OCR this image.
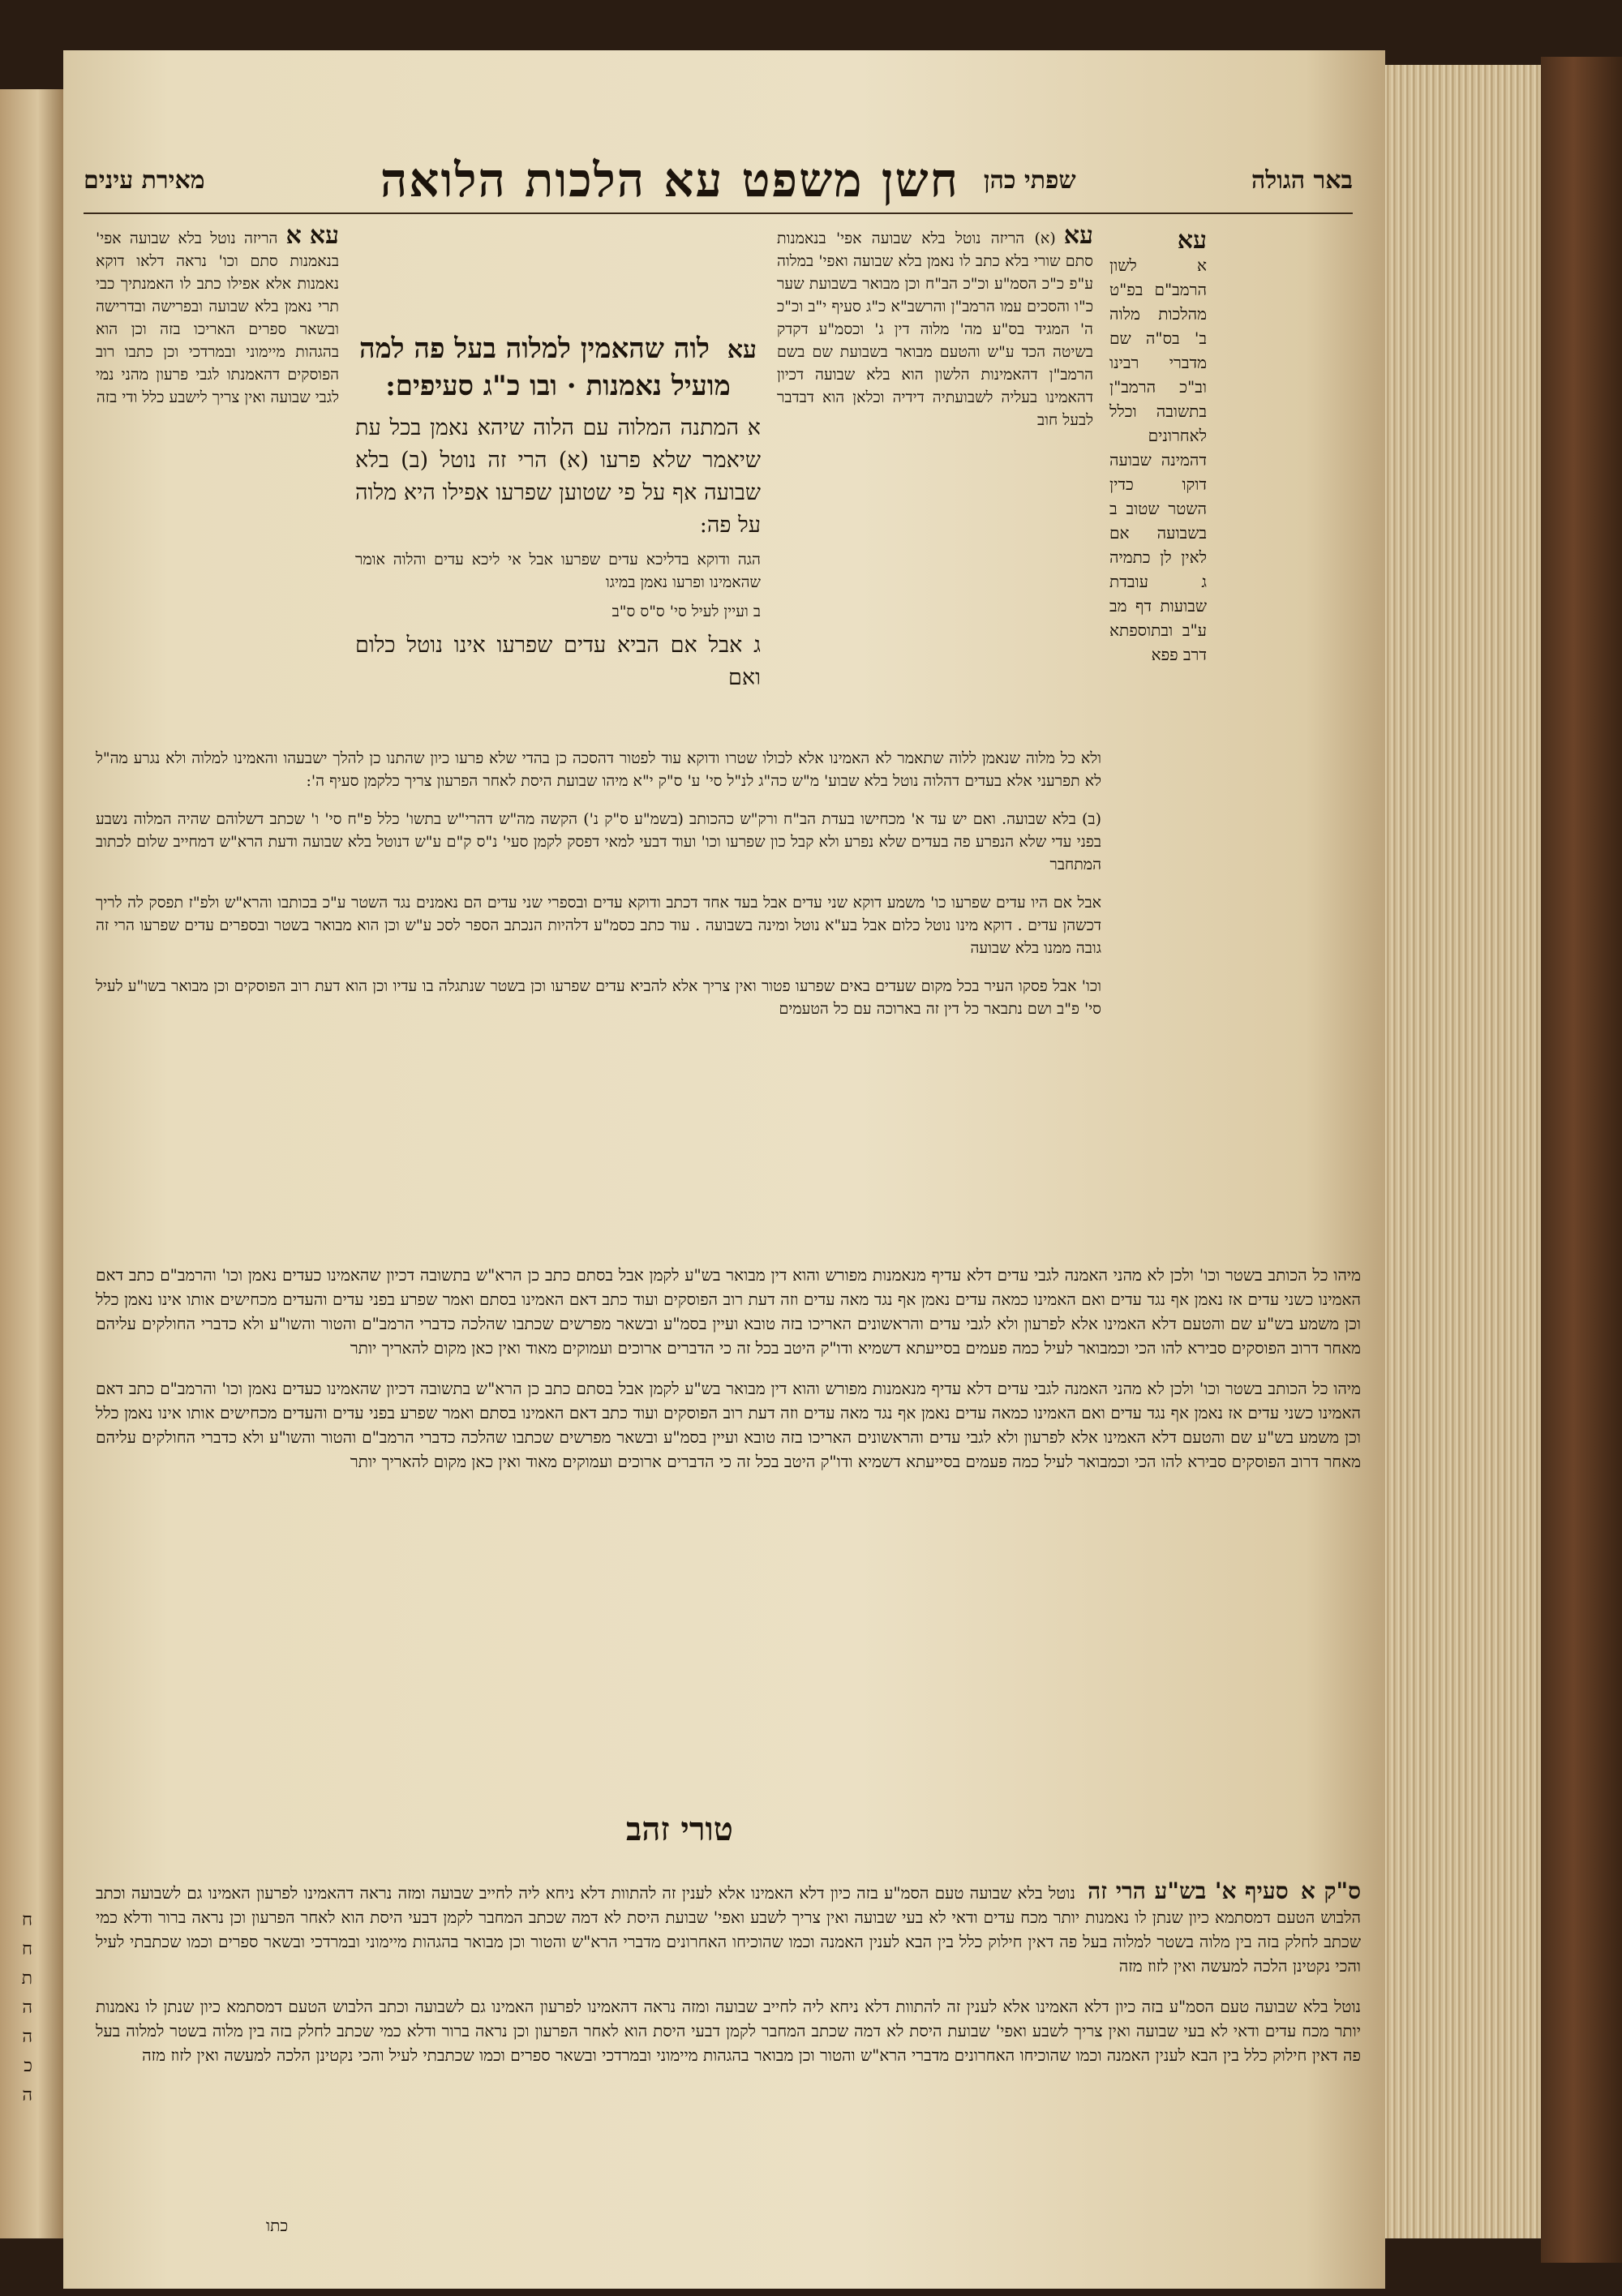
באר הגולה
שפתי כהן
חשן משפט עא הלכות הלואה
מאירת עינים
עא
א לשון הרמב"ם בפ"ט מהלכות מלוה ב' בס"ה שם מדברי רבינו וב"כ הרמב"ן בתשובה וכלל לאחרונים דהמינה שבועה דוקו כדין השטר שטוב ב בשבועה אם לאין לן כתמיה ג עובדת שבועות דף מב ע"ב ובתוספתא דרב פפא

עא(א) הריזה נוטל בלא שבועה אפי' בנאמנות סתם שורי בלא כתב לו נאמן בלא שבועה ואפי' במלוה ע"פ כ"כ הסמ"ע וכ"כ הב"ח וכן מבואר בשבועת שער כ"ו והסכים עמו הרמב"ן והרשב"א כ"ג סעיף י"ב וכ"כ ה' המגיד בס"ע מה' מלוה דין ג' וכסמ"ע דקדק בשיטה הכד ע"ש והטעם מבואר בשבועת שם בשם הרמב"ן דהאמינות הלשון הוא בלא שבועה דכיון דהאמינו בעליה לשבועתיה דידיה וכלאן הוא דבדבר לבעל חוב

עאאהריזה נוטל בלא שבועה אפי' בנאמנות סתם וכו' נראה דלאו דוקא נאמנות אלא אפילו כתב לו האמנתיך כבי תרי נאמן בלא שבועה ובפרישה ובדרישה ובשאר ספרים האריכו בזה וכן הוא בהגהות מיימוני ובמרדכי וכן כתבו רוב הפוסקים דהאמנתו לגבי פרעון מהני נמי לגבי שבועה ואין צריך לישבע כלל ודי בזה

עא לוה שהאמין למלוה בעל פה למה מועיל נאמנות · ובו כ"ג סעיפים:

א המתנה המלוה עם הלוה שיהא נאמן בכל עת שיאמר שלא פרעו (א) הרי זה נוטל (ב) בלא שבועה אף על פי שטוען שפרעו אפילו היא מלוה על פה:

הגה ודוקא בדליכא עדים שפרעו אבל אי ליכא עדים והלוה אומר שהאמינו ופרעו נאמן במיגו

ב ועיין לעיל סי' ס"ס ס"ב

ג אבל אם הביא עדים שפרעו אינו נוטל כלום ואם

ולא כל מלוה שנאמן ללוה שתאמר לא האמינו אלא לכולו שטרו ודוקא עוד לפטור דהסכה כן בהדי שלא פרעו כיון שהתנו כן להלך ישבעהו והאמינו למלוה ולא נגרע מה"ל לא תפרעני אלא בעדים דהלוה נוטל בלא שבוע' מ"ש כה"ג לנ"ל סי' ע' ס"ק י"א מיהו שבועת היסת לאחר הפרעון צריך כלקמן סעיף ה':

(ב) בלא שבועה. ואם יש עד א' מכחישו בעדת הב"ח ורק"ש כהכותב (בשמ"ע ס"ק נ') הקשה מה"ש דהרי"ש בתשו' כלל פ"ח סי' ו' שכתב דשלוהם שהיה המלוה נשבע בפני עדי שלא הנפרע פה בעדים שלא נפרע ולא קבל כון שפרעו וכו' ועוד דבעי למאי דפסק לקמן סעי' נ"ס ק"ם ע"ש דנוטל בלא שבועה ודעת הרא"ש דמחייב שלום לכתוב המתחבר

אבל אם היו עדים שפרעו כו' משמע דוקא שני עדים אבל בעד אחד דכתב ודוקא עדים ובספרי שני עדים הם נאמנים נגד השטר ע"כ בכותבו והרא"ש ולפ"ז תפסק לה לריך דכשהן עדים . דוקא מינו נוטל כלום אבל בע"א נוטל ומינה בשבועה . עוד כתב כסמ"ע דלהיות הנכתב הספר לסכ ע"ש וכן הוא מבואר בשטר ובספרים עדים שפרעו הרי זה גובה ממנו בלא שבועה

וכו' אבל פסקו העיר בכל מקום שעדים באים שפרעו פטור ואין צריך אלא להביא עדים שפרעו וכן בשטר שנתגלה בו עדיו וכן הוא דעת רוב הפוסקים וכן מבואר בשו"ע לעיל סי' פ"ב ושם נתבאר כל דין זה בארוכה עם כל הטעמים

מיהו כל הכותב בשטר וכו' ולכן לא מהני האמנה לגבי עדים דלא עדיף מנאמנות מפורש והוא דין מבואר בש"ע לקמן אבל בסתם כתב כן הרא"ש בתשובה דכיון שהאמינו כעדים נאמן וכו' והרמב"ם כתב דאם האמינו כשני עדים אז נאמן אף נגד עדים ואם האמינו כמאה עדים נאמן אף נגד מאה עדים וזה דעת רוב הפוסקים ועוד כתב דאם האמינו בסתם ואמר שפרע בפני עדים והעדים מכחישים אותו אינו נאמן כלל וכן משמע בש"ע שם והטעם דלא האמינו אלא לפרעון ולא לגבי עדים והראשונים האריכו בזה טובא ועיין בסמ"ע ובשאר מפרשים שכתבו שהלכה כדברי הרמב"ם והטור והשו"ע ולא כדברי החולקים עליהם מאחר דרוב הפוסקים סבירא להו הכי וכמבואר לעיל כמה פעמים בסייעתא דשמיא ודו"ק היטב בכל זה כי הדברים ארוכים ועמוקים מאוד ואין כאן מקום להאריך יותר

מיהו כל הכותב בשטר וכו' ולכן לא מהני האמנה לגבי עדים דלא עדיף מנאמנות מפורש והוא דין מבואר בש"ע לקמן אבל בסתם כתב כן הרא"ש בתשובה דכיון שהאמינו כעדים נאמן וכו' והרמב"ם כתב דאם האמינו כשני עדים אז נאמן אף נגד עדים ואם האמינו כמאה עדים נאמן אף נגד מאה עדים וזה דעת רוב הפוסקים ועוד כתב דאם האמינו בסתם ואמר שפרע בפני עדים והעדים מכחישים אותו אינו נאמן כלל וכן משמע בש"ע שם והטעם דלא האמינו אלא לפרעון ולא לגבי עדים והראשונים האריכו בזה טובא ועיין בסמ"ע ובשאר מפרשים שכתבו שהלכה כדברי הרמב"ם והטור והשו"ע ולא כדברי החולקים עליהם מאחר דרוב הפוסקים סבירא להו הכי וכמבואר לעיל כמה פעמים בסייעתא דשמיא ודו"ק היטב בכל זה כי הדברים ארוכים ועמוקים מאוד ואין כאן מקום להאריך יותר

טורי זהב

ס"ק א סעיף א' בש"ע הרי זה נוטל בלא שבועה טעם הסמ"ע בזה כיון דלא האמינו אלא לענין זה להתוות דלא ניחא ליה לחייב שבועה ומזה נראה דהאמינו לפרעון האמינו גם לשבועה וכתב הלבוש הטעם דמסתמא כיון שנתן לו נאמנות יותר מכח עדים ודאי לא בעי שבועה ואין צריך לשבע ואפי' שבועת היסת לא דמה שכתב המחבר לקמן דבעי היסת הוא לאחר הפרעון וכן נראה ברור ודלא כמי שכתב לחלק בזה בין מלוה בשטר למלוה בעל פה דאין חילוק כלל בין הבא לענין האמנה וכמו שהוכיחו האחרונים מדברי הרא"ש והטור וכן מבואר בהגהות מיימוני ובמרדכי ובשאר ספרים וכמו שכתבתי לעיל והכי נקטינן הלכה למעשה ואין לזוז מזה

נוטל בלא שבועה טעם הסמ"ע בזה כיון דלא האמינו אלא לענין זה להתוות דלא ניחא ליה לחייב שבועה ומזה נראה דהאמינו לפרעון האמינו גם לשבועה וכתב הלבוש הטעם דמסתמא כיון שנתן לו נאמנות יותר מכח עדים ודאי לא בעי שבועה ואין צריך לשבע ואפי' שבועת היסת לא דמה שכתב המחבר לקמן דבעי היסת הוא לאחר הפרעון וכן נראה ברור ודלא כמי שכתב לחלק בזה בין מלוה בשטר למלוה בעל פה דאין חילוק כלל בין הבא לענין האמנה וכמו שהוכיחו האחרונים מדברי הרא"ש והטור וכן מבואר בהגהות מיימוני ובמרדכי ובשאר ספרים וכמו שכתבתי לעיל והכי נקטינן הלכה למעשה ואין לזוז מזה

כתו
ח
ח
ת
ה
ה
כ
ה
